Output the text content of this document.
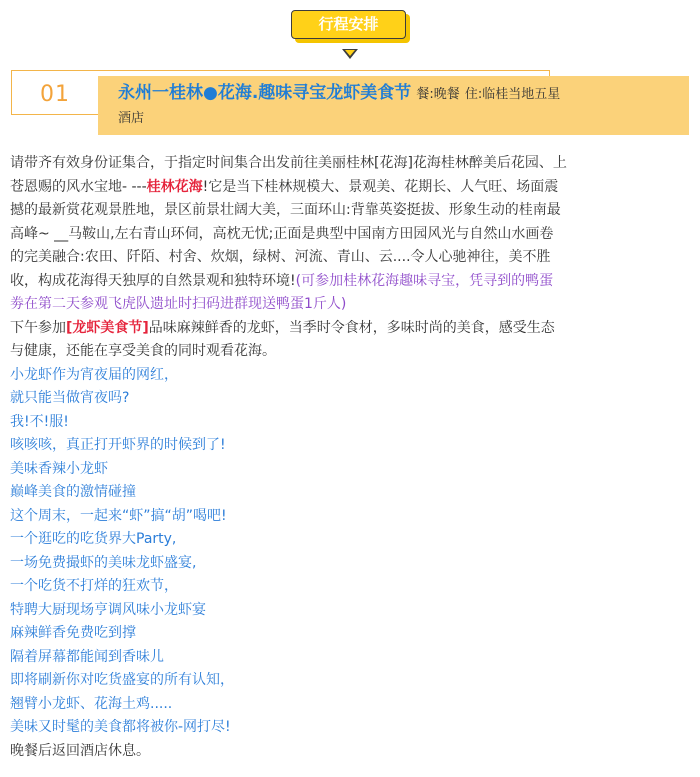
行程安排
01	永州一桂林●花海.趣味寻宝龙虾美食节 餐:晚餐 住:临桂当地五星
酒店

请带齐有效身份证集合，于指定时间集合出发前往美丽桂林[花海]花海桂林醉美后花园、上
苍恩赐的风水宝地- ---桂林花海!它是当下桂林规模大、景观美、花期长、人气旺、场面震
撼的最新赏花观景胜地，景区前景壮阔大美，三面环山:背靠英姿挺拔、形象生动的桂南最
高峰~ __马鞍山,左右青山环伺，高枕无忧;正面是典型中国南方田园风光与自然山水画卷
的完美融合:农田、阡陌、村舍、炊烟，绿树、河流、青山、云....令人心驰神往，美不胜
收，构成花海得天独厚的自然景观和独特环境!(可参加桂林花海趣味寻宝，凭寻到的鸭蛋
劵在第二天参观飞虎队遗址时扫码进群现送鸭蛋1斤人)

下午参加[龙虾美食节]品味麻辣鲜香的龙虾，当季时令食材，多味时尚的美食，感受生态
与健康，还能在享受美食的同时观看花海。

小龙虾作为宵夜届的网红，
就只能当做宵夜吗?
我!不!服!
咳咳咳，真正打开虾界的时候到了!
美味香辣小龙虾
巅峰美食的激情碰撞
这个周末，一起来“虾”搞“胡”喝吧!
一个逛吃的吃货界大Party,
一场免费撮虾的美味龙虾盛宴,
一个吃货不打烊的狂欢节，
特聘大厨现场亨调风味小龙虾宴
麻辣鲜香免费吃到撑
隔着屏幕都能闻到香味儿
即将刷新你对吃货盛宴的所有认知，
翘臂小龙虾、花海土鸡.....
美味又时髦的美食都将被你-网打尽!

晚餐后返回酒店休息。
